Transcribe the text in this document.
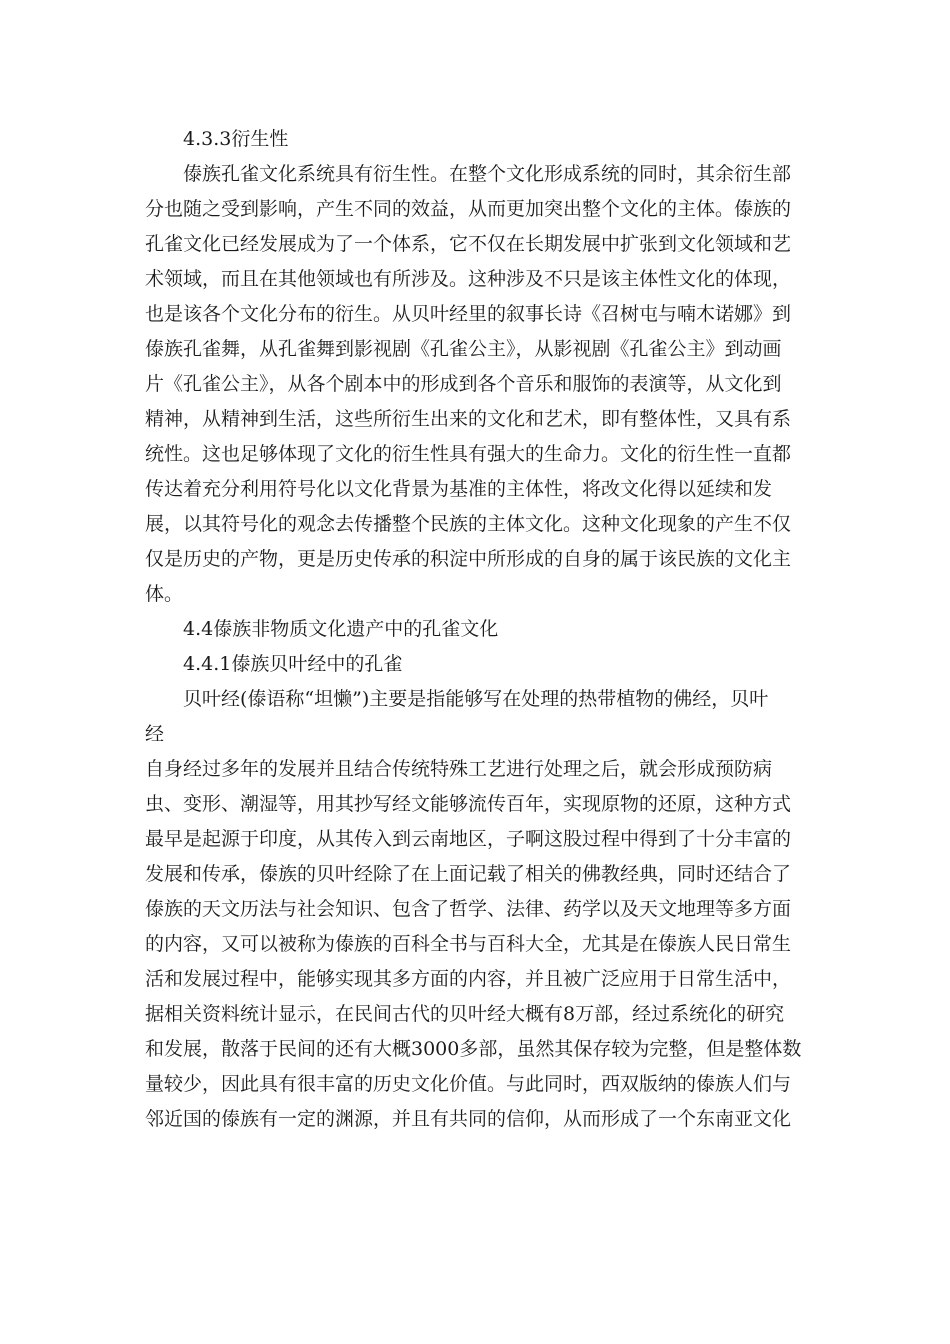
4.3.3衍生性
傣族孔雀文化系统具有衍生性。在整个文化形成系统的同时，其余衍生部
分也随之受到影响，产生不同的效益，从而更加突出整个文化的主体。傣族的
孔雀文化已经发展成为了一个体系，它不仅在长期发展中扩张到文化领域和艺
术领域，而且在其他领域也有所涉及。这种涉及不只是该主体性文化的体现，
也是该各个文化分布的衍生。从贝叶经里的叙事长诗《召树屯与喃木诺娜》到
傣族孔雀舞，从孔雀舞到影视剧《孔雀公主》，从影视剧《孔雀公主》到动画
片《孔雀公主》，从各个剧本中的形成到各个音乐和服饰的表演等，从文化到
精神，从精神到生活，这些所衍生出来的文化和艺术，即有整体性，又具有系
统性。这也足够体现了文化的衍生性具有强大的生命力。文化的衍生性一直都
传达着充分利用符号化以文化背景为基准的主体性，将改文化得以延续和发
展，以其符号化的观念去传播整个民族的主体文化。这种文化现象的产生不仅
仅是历史的产物，更是历史传承的积淀中所形成的自身的属于该民族的文化主
体。
4.4傣族非物质文化遗产中的孔雀文化
4.4.1傣族贝叶经中的孔雀
贝叶经(傣语称“坦懒”)主要是指能够写在处理的热带植物的佛经，贝叶
经
自身经过多年的发展并且结合传统特殊工艺进行处理之后，就会形成预防病
虫、变形、潮湿等，用其抄写经文能够流传百年，实现原物的还原，这种方式
最早是起源于印度，从其传入到云南地区，子啊这股过程中得到了十分丰富的
发展和传承，傣族的贝叶经除了在上面记载了相关的佛教经典，同时还结合了
傣族的天文历法与社会知识、包含了哲学、法律、药学以及天文地理等多方面
的内容，又可以被称为傣族的百科全书与百科大全，尤其是在傣族人民日常生
活和发展过程中，能够实现其多方面的内容，并且被广泛应用于日常生活中，
据相关资料统计显示，在民间古代的贝叶经大概有8万部，经过系统化的研究
和发展，散落于民间的还有大概3000多部，虽然其保存较为完整，但是整体数
量较少，因此具有很丰富的历史文化价值。与此同时，西双版纳的傣族人们与
邻近国的傣族有一定的渊源，并且有共同的信仰，从而形成了一个东南亚文化
